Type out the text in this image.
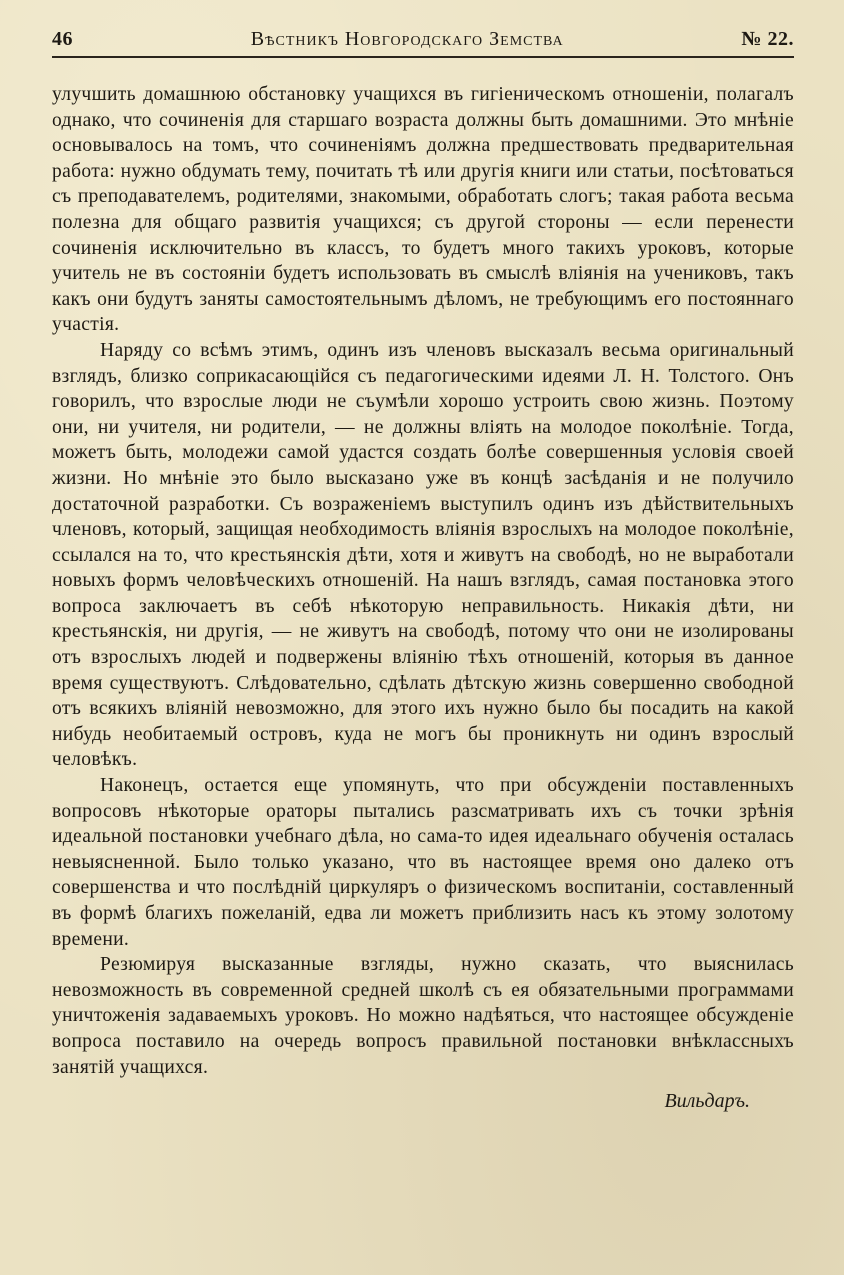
46	Вѣстникъ Новгородскаго Земства	№ 22.

улучшить домашнюю обстановку учащихся въ гигіеническомъ отношеніи, полагалъ однако, что сочиненія для старшаго возраста должны быть домашними. Это мнѣніе основывалось на томъ, что сочиненіямъ должна предшествовать предварительная работа: нужно обдумать тему, почитать тѣ или другія книги или статьи, посѣтоваться съ преподавателемъ, родителями, знакомыми, обработать слогъ; такая работа весьма полезна для общаго развитія учащихся; съ другой стороны — если перенести сочиненія исключительно въ классъ, то будетъ много такихъ уроковъ, которые учитель не въ состояніи будетъ использовать въ смыслѣ вліянія на учениковъ, такъ какъ они будутъ заняты самостоятельнымъ дѣломъ, не требующимъ его постояннаго участія.

Наряду со всѣмъ этимъ, одинъ изъ членовъ высказалъ весьма оригинальный взглядъ, близко соприкасающійся съ педагогическими идеями Л. Н. Толстого. Онъ говорилъ, что взрослые люди не съумѣли хорошо устроить свою жизнь. Поэтому они, ни учителя, ни родители, — не должны вліять на молодое поколѣніе. Тогда, можетъ быть, молодежи самой удастся создать болѣе совершенныя условія своей жизни. Но мнѣніе это было высказано уже въ концѣ засѣданія и не получило достаточной разработки. Съ возраженіемъ выступилъ одинъ изъ дѣйствительныхъ членовъ, который, защищая необходимость вліянія взрослыхъ на молодое поколѣніе, ссылался на то, что крестьянскія дѣти, хотя и живутъ на свободѣ, но не выработали новыхъ формъ человѣческихъ отношеній. На нашъ взглядъ, самая постановка этого вопроса заключаетъ въ себѣ нѣкоторую неправильность. Никакія дѣти, ни крестьянскія, ни другія, — не живутъ на свободѣ, потому что они не изолированы отъ взрослыхъ людей и подвержены вліянію тѣхъ отношеній, которыя въ данное время существуютъ. Слѣдовательно, сдѣлать дѣтскую жизнь совершенно свободной отъ всякихъ вліяній невозможно, для этого ихъ нужно было бы посадить на какой нибудь необитаемый островъ, куда не могъ бы проникнуть ни одинъ взрослый человѣкъ.

Наконецъ, остается еще упомянуть, что при обсужденіи поставленныхъ вопросовъ нѣкоторые ораторы пытались разсматривать ихъ съ точки зрѣнія идеальной постановки учебнаго дѣла, но сама-то идея идеальнаго обученія осталась невыясненной. Было только указано, что въ настоящее время оно далеко отъ совершенства и что послѣдній циркуляръ о физическомъ воспитаніи, составленный въ формѣ благихъ пожеланій, едва ли можетъ приблизить насъ къ этому золотому времени.

Резюмируя высказанные взгляды, нужно сказать, что выяснилась невозможность въ современной средней школѣ съ ея обязательными программами уничтоженія задаваемыхъ уроковъ. Но можно надѣяться, что настоящее обсужденіе вопроса поставило на очередь вопросъ правильной постановки внѣклассныхъ занятій учащихся.

Вильдаръ.
